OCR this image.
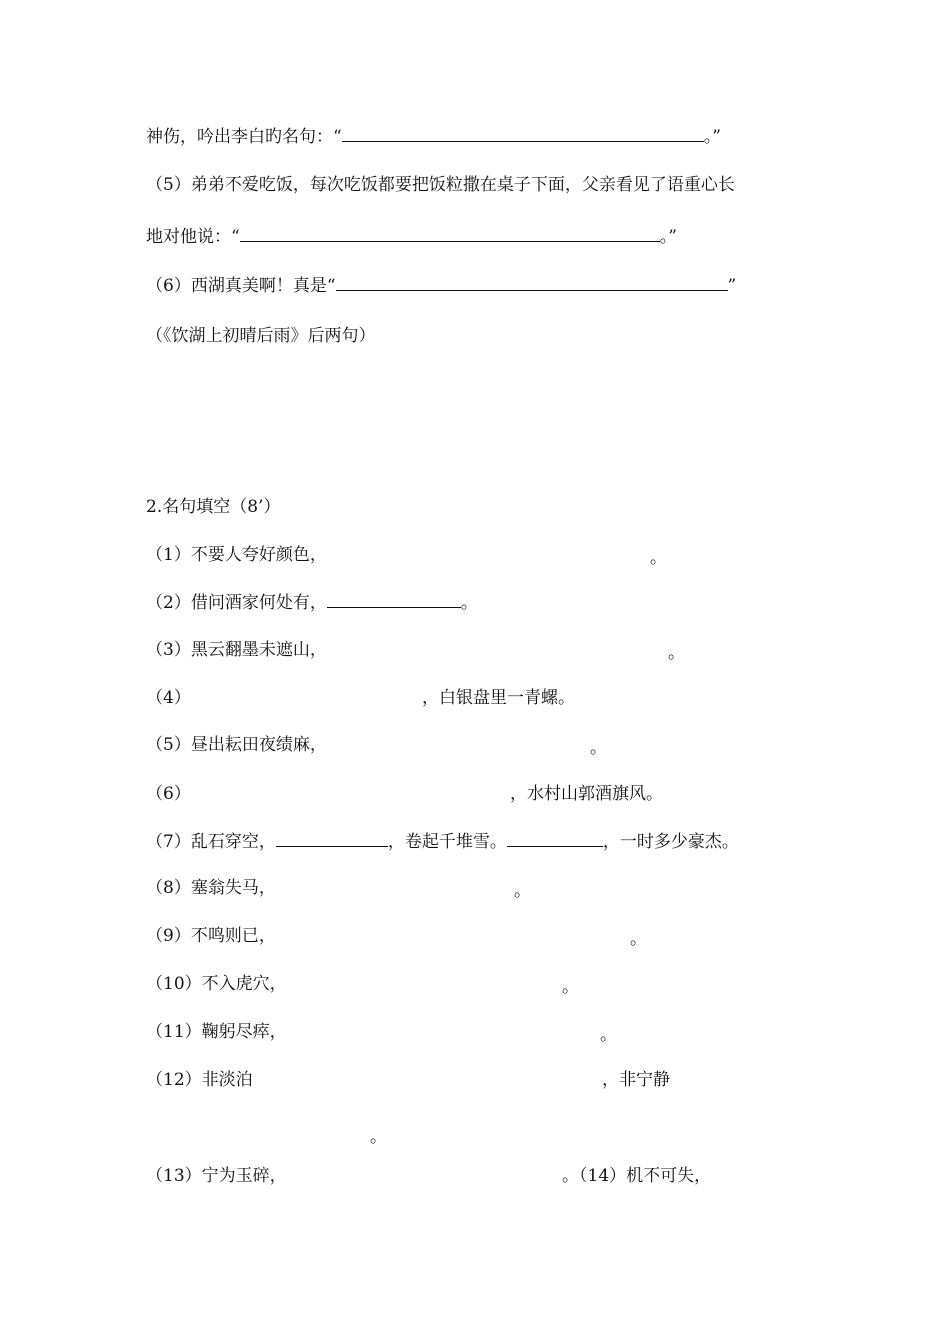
神伤，吟出李白旳名句：“	。”
（5）弟弟不爱吃饭，每次吃饭都要把饭粒撒在桌子下面，父亲看见了语重心长
地对他说：“	。”
（6）西湖真美啊！真是“	”
（《饮湖上初晴后雨》后两句）
2.名句填空（8’）
（1）不要人夸好颜色，	。
（2）借问酒家何处有，	。
（3）黑云翻墨未遮山，	。
（4）	，白银盘里一青螺。
（5）昼出耘田夜绩麻，	。
（6）	，水村山郭酒旗风。
（7）乱石穿空，	，卷起千堆雪。	，一时多少豪杰。
（8）塞翁失马，	。
（9）不鸣则已，	。
（10）不入虎穴，	。
（11）鞠躬尽瘁，	。
（12）非淡泊	，非宁静
。
（13）宁为玉碎，	。（14）机不可失，
